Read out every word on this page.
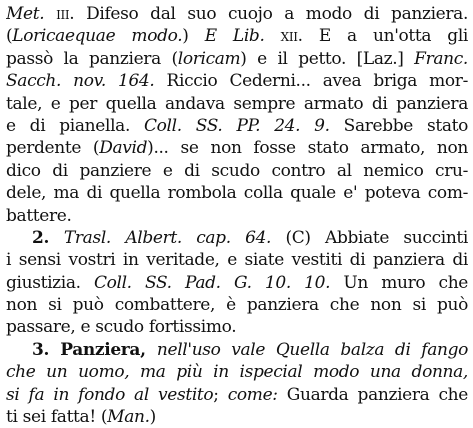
Met. iii. Difeso dal suo cuojo a modo di panziera.
(Loricaequae modo.) E Lib. xii. E a un'otta gli
passò la panziera (loricam) e il petto. [Laz.] Franc.
Sacch. nov. 164. Riccio Cederni... avea briga mor-
tale, e per quella andava sempre armato di panziera
e di pianella. Coll. SS. PP. 24. 9. Sarebbe stato
perdente (David)... se non fosse stato armato, non
dico di panziere e di scudo contro al nemico cru-
dele, ma di quella rombola colla quale e' poteva com-
battere.
2. Trasl. Albert. cap. 64. (C) Abbiate succinti
i sensi vostri in veritade, e siate vestiti di panziera di
giustizia. Coll. SS. Pad. G. 10. 10. Un muro che
non si può combattere, è panziera che non si può
passare, e scudo fortissimo.
3. Panziera, nell'uso vale Quella balza di fango
che un uomo, ma più in ispecial modo una donna,
si fa in fondo al vestito; come: Guarda panziera che
ti sei fatta! (Man.)
